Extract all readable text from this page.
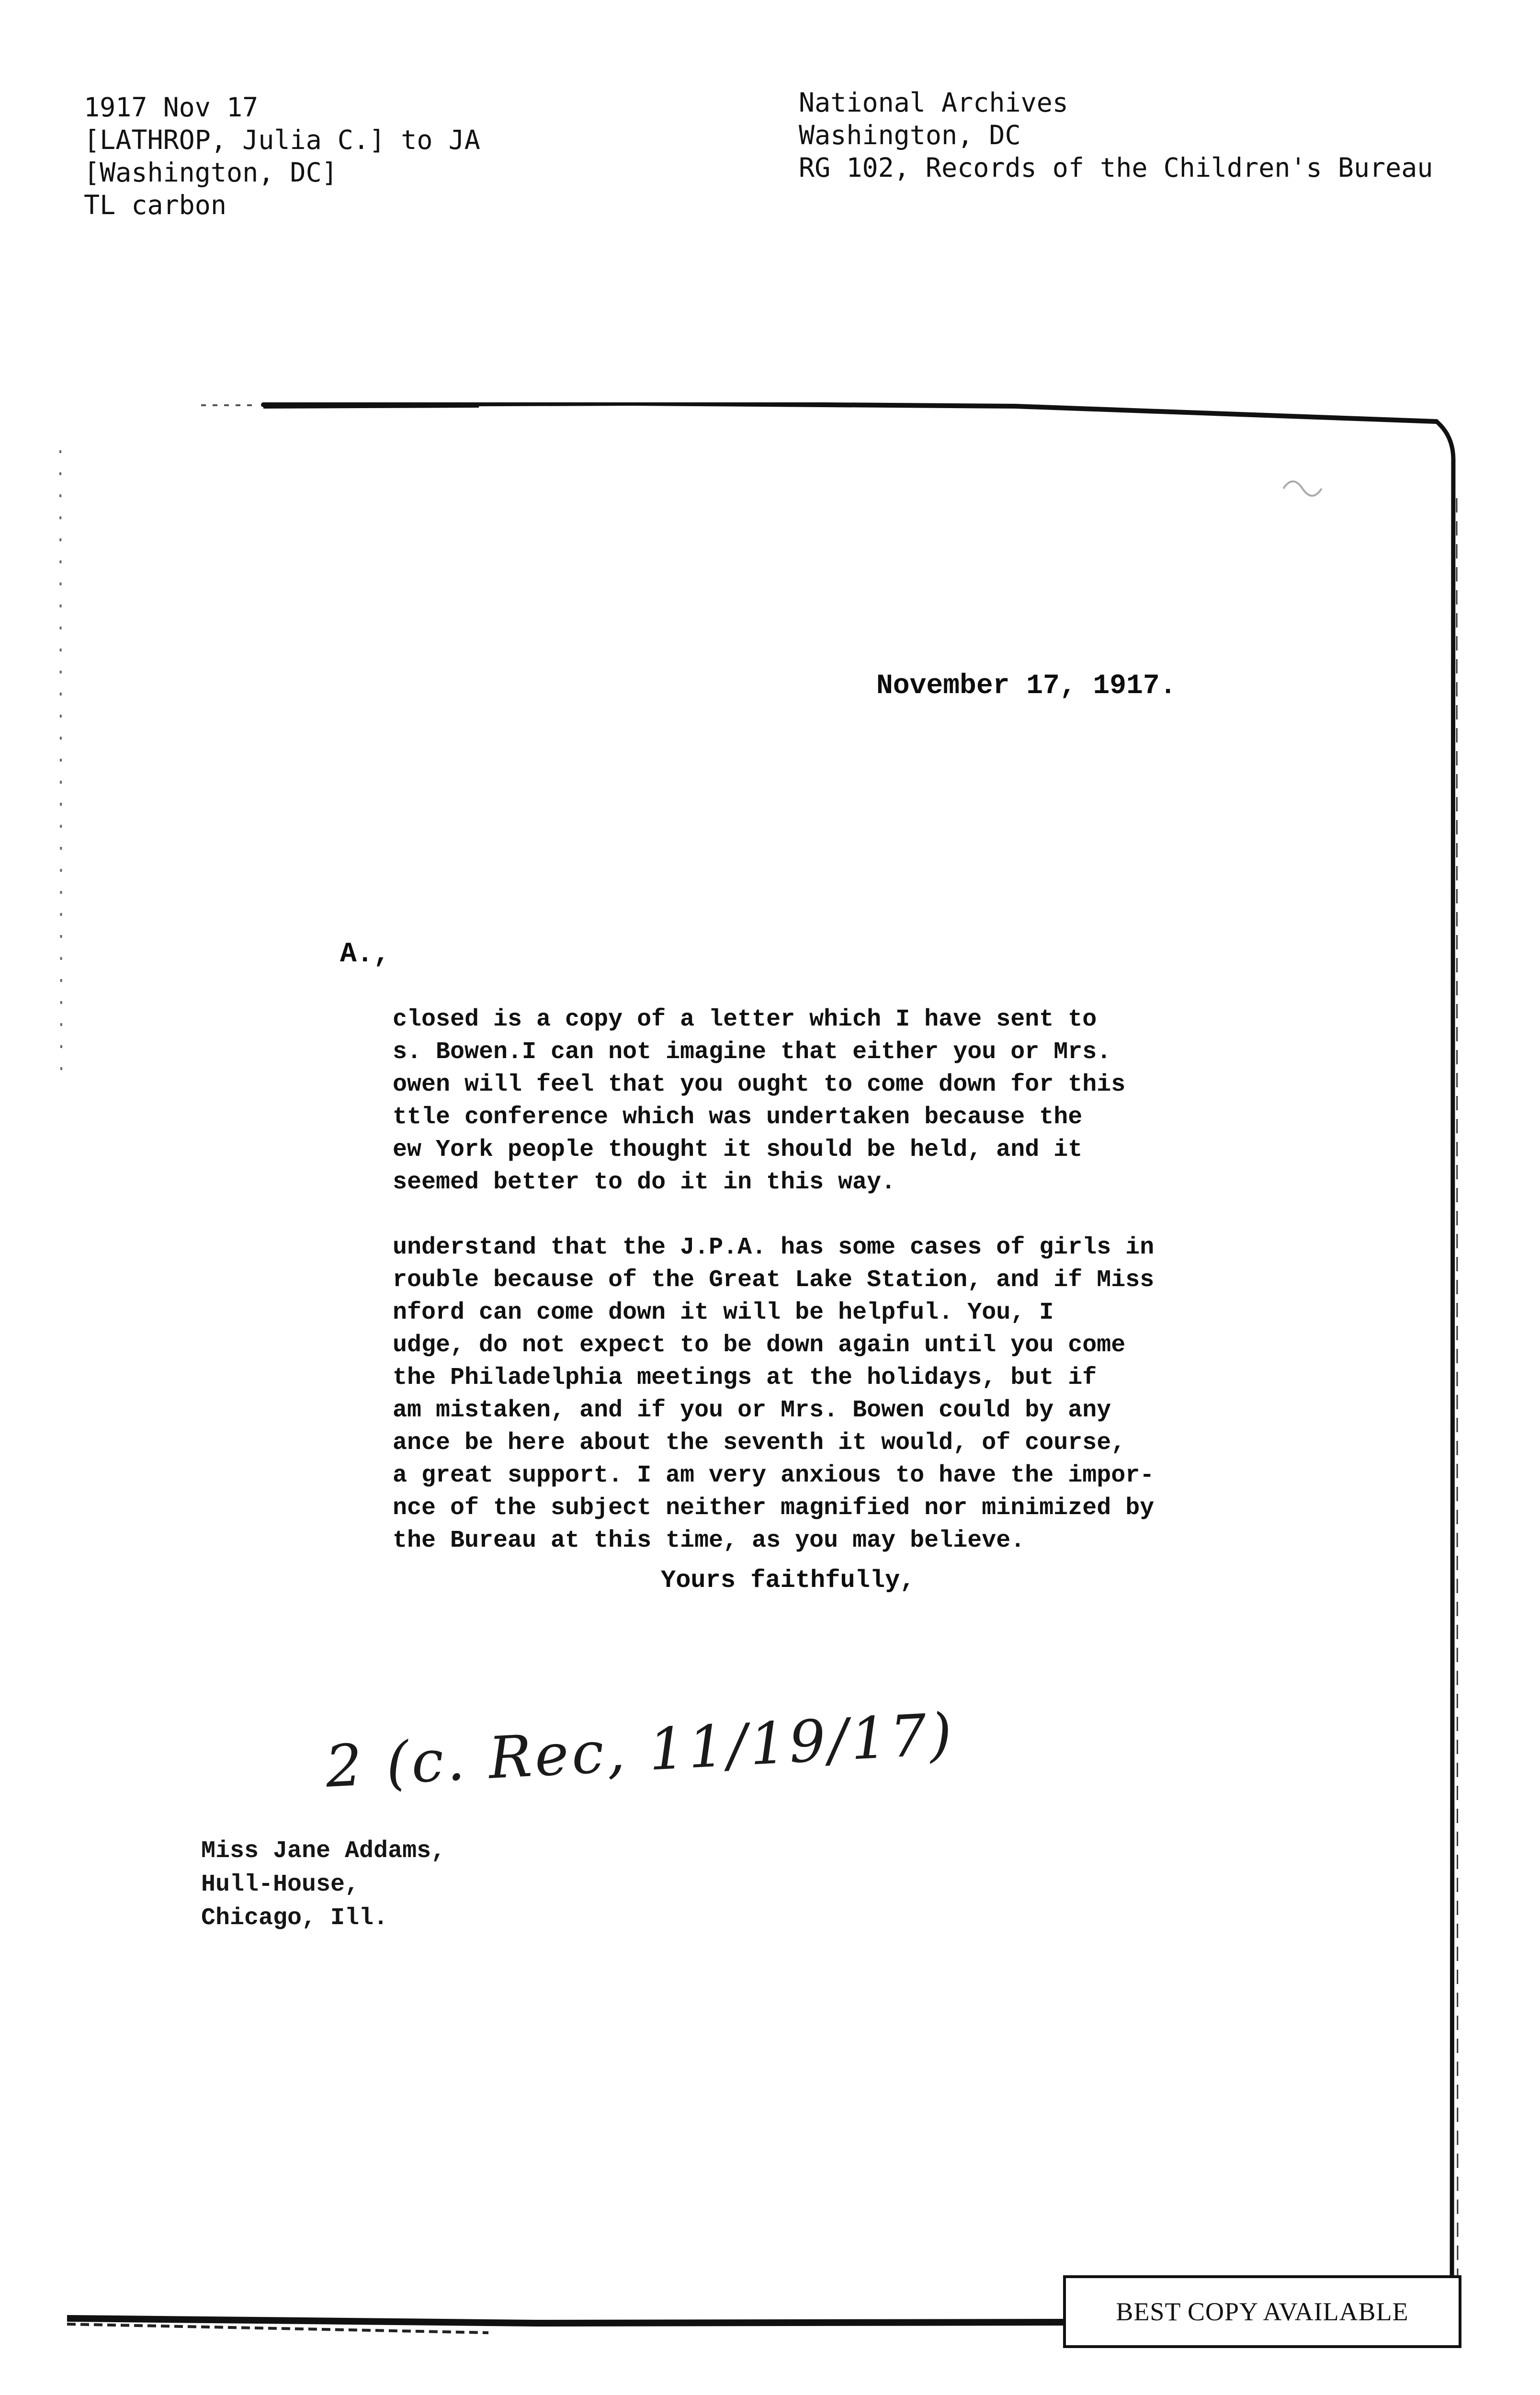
1917 Nov 17
[LATHROP, Julia C.] to JA
[Washington, DC]
TL carbon
National Archives
Washington, DC
RG 102, Records of the Children's Bureau
November 17, 1917.
A.,
closed is a copy of a letter which I have sent to
s. Bowen.I can not imagine that either you or Mrs.
owen will feel that you ought to come down for this
ttle conference which was undertaken because the
ew York people thought it should be held, and it
seemed better to do it in this way.
understand that the J.P.A. has some cases of girls in
rouble because of the Great Lake Station, and if Miss
nford can come down it will be helpful. You, I
udge, do not expect to be down again until you come
the Philadelphia meetings at the holidays, but if
am mistaken, and if you or Mrs. Bowen could by any
ance be here about the seventh it would, of course,
a great support. I am very anxious to have the impor-
nce of the subject neither magnified nor minimized by
the Bureau at this time, as you may believe.
Yours faithfully,
2 (c. Rec, 11/19/17)
Miss Jane Addams,
Hull-House,
Chicago, Ill.
BEST COPY AVAILABLE
